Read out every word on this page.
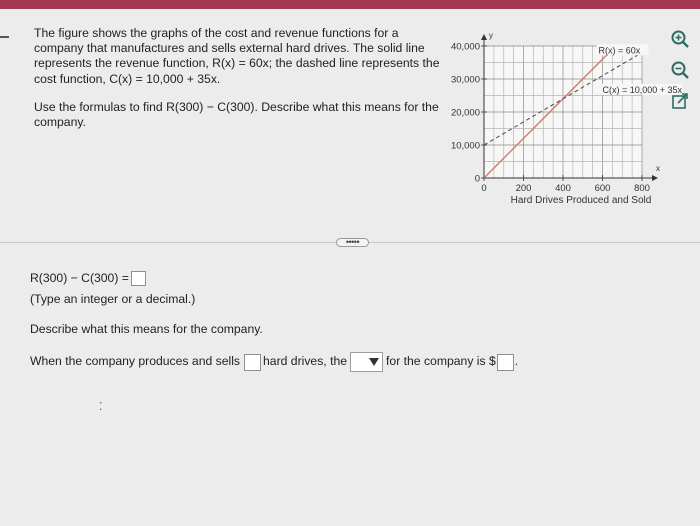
The figure shows the graphs of the cost and revenue functions for a company that manufactures and sells external hard drives. The solid line represents the revenue function, R(x) = 60x; the dashed line represents the cost function, C(x) = 10,000 + 35x.

Use the formulas to find R(300) − C(300). Describe what this means for the company.

x
y
0
10,000
20,000
30,000
40,000
0	200 400 600 800
Hard Drives Produced and Sold
R(x) = 60x
C(x) = 10,000 + 35x
•••••
R(300) − C(300) =
(Type an integer or a decimal.)
Describe what this means for the company.
When the company produces and sells hard drives, the	for the company is $ .
⁚
